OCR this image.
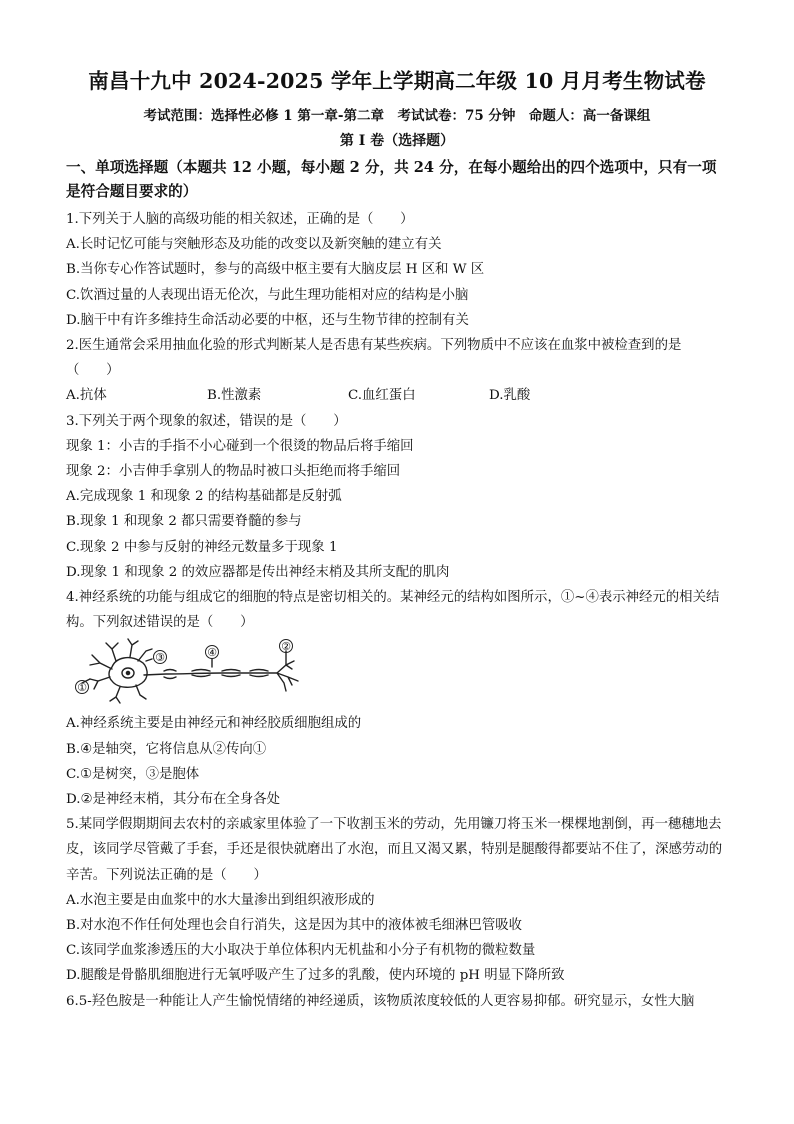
南昌十九中 2024-2025 学年上学期高二年级 10 月月考生物试卷
考试范围：选择性必修 1 第一章-第二章　考试试卷：75 分钟　命题人：高一备课组
第 I 卷（选择题）
一、单项选择题（本题共 12 小题，每小题 2 分，共 24 分，在每小题给出的四个选项中，只有一项是符合题目要求的）
1.下列关于人脑的高级功能的相关叙述，正确的是（　　）
A.长时记忆可能与突触形态及功能的改变以及新突触的建立有关
B.当你专心作答试题时，参与的高级中枢主要有大脑皮层 H 区和 W 区
C.饮酒过量的人表现出语无伦次，与此生理功能相对应的结构是小脑
D.脑干中有许多维持生命活动必要的中枢，还与生物节律的控制有关
2.医生通常会采用抽血化验的形式判断某人是否患有某些疾病。下列物质中不应该在血浆中被检查到的是（　　）
A.抗体	B.性激素	C.血红蛋白	D.乳酸
3.下列关于两个现象的叙述，错误的是（　　）
现象 1：小吉的手指不小心碰到一个很烫的物品后将手缩回
现象 2：小吉伸手拿别人的物品时被口头拒绝而将手缩回
A.完成现象 1 和现象 2 的结构基础都是反射弧
B.现象 1 和现象 2 都只需要脊髓的参与
C.现象 2 中参与反射的神经元数量多于现象 1
D.现象 1 和现象 2 的效应器都是传出神经末梢及其所支配的肌肉
4.神经系统的功能与组成它的细胞的特点是密切相关的。某神经元的结构如图所示，①~④表示神经元的相关结构。下列叙述错误的是（　　）
①
②
③	④
A.神经系统主要是由神经元和神经胶质细胞组成的
B.④是轴突，它将信息从②传向①
C.①是树突，③是胞体
D.②是神经末梢，其分布在全身各处
5.某同学假期期间去农村的亲戚家里体验了一下收割玉米的劳动，先用镰刀将玉米一棵棵地割倒，再一穗穗地去皮，该同学尽管戴了手套，手还是很快就磨出了水泡，而且又渴又累，特别是腿酸得都要站不住了，深感劳动的辛苦。下列说法正确的是（　　）
A.水泡主要是由血浆中的水大量渗出到组织液形成的
B.对水泡不作任何处理也会自行消失，这是因为其中的液体被毛细淋巴管吸收
C.该同学血浆渗透压的大小取决于单位体积内无机盐和小分子有机物的微粒数量
D.腿酸是骨骼肌细胞进行无氧呼吸产生了过多的乳酸，使内环境的 pH 明显下降所致
6.5-羟色胺是一种能让人产生愉悦情绪的神经递质，该物质浓度较低的人更容易抑郁。研究显示，女性大脑
